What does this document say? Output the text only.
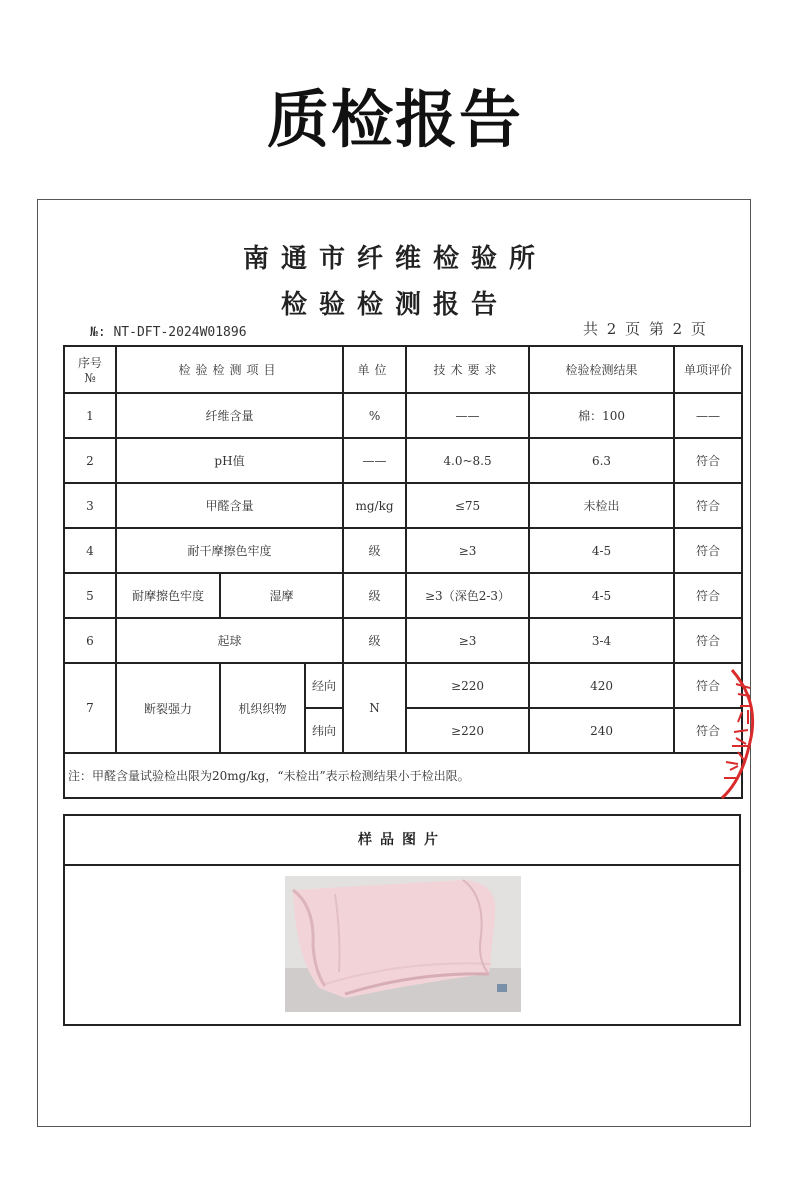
质检报告
南通市纤维检验所
检验检测报告
№: NT-DFT-2024W01896	共 2 页 第 2 页
序号
№	检验检测项目			单位	技术要求	检验检测结果	单项评价
1	纤维含量			%	——	棉：100	——
2	pH值			——	4.0~8.5	6.3	符合
3	甲醛含量			mg/kg	≤75	未检出	符合
4	耐干摩擦色牢度			级	≥3	4-5	符合
5	耐摩擦色牢度	湿摩		级	≥3（深色2-3）	4-5	符合
6	起球			级	≥3	3-4	符合
7	断裂强力	机织织物	经向	N	≥220	420	符合
			纬向		≥220	240	符合
注：甲醛含量试验检出限为20mg/kg，“未检出”表示检测结果小于检出限。							
样品图片
